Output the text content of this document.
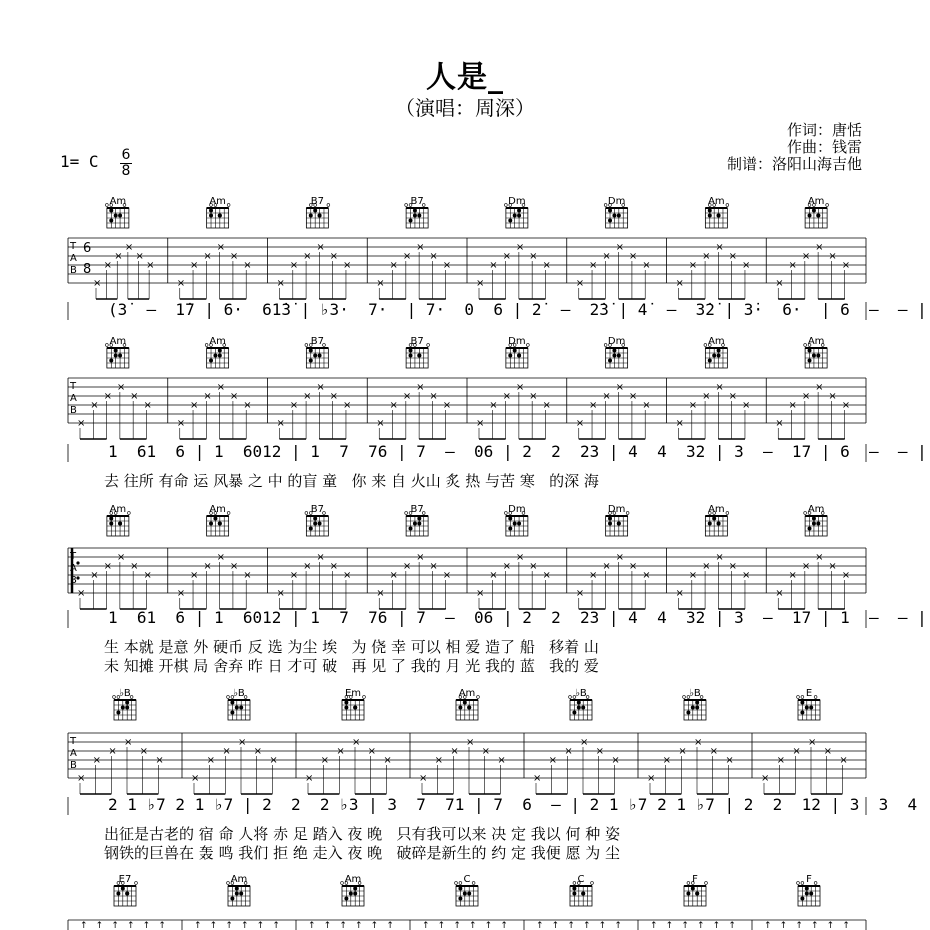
人是_
（演唱：周深）
作词：唐恬
作曲：钱雷
制谱：洛阳山海吉他
1= C 6
8
6
8
T
A
B
×
×
×
×
×
×
×
×
×
×
×
×
×
×
×
×
×
×
×
×
×
×
×
×
×
×
×
×
×
×
×
×
×
×
×
×
×
×
×
×
×
×
×
×
×
×
×
×
T
A
B
×
×
×
×
×
×
×
×
×
×
×
×
×
×
×
×
×
×
×
×
×
×
×
×
×
×
×
×
×
×
×
×
×
×
×
×
×
×
×
×
×
×
×
×
×
×
×
×
T
A
B
×
×
×
×
×
×
×
×
×
×
×
×
×
×
×
×
×
×
×
×
×
×
×
×
×
×
×
×
×
×
×
×
×
×
×
×
×
×
×
×
×
×
×
×
×
×
×
×
T
A
B
×
×
×
×
×
×
×
×
×
×
×
×
×
×
×
×
×
×
×
×
×
×
×
×
×
×
×
×
×
×
×
×
×
×
×
×
×
×
×
×
×
×
↑ ↑ ↑ ↑ ↑ ↑	↑ ↑ ↑ ↑ ↑ ↑	↑ ↑ ↑ ↑ ↑ ↑	↑ ↑ ↑ ↑ ↑ ↑	↑ ↑ ↑ ↑ ↑ ↑	↑ ↑ ↑ ↑ ↑ ↑	↑ ↑ ↑ ↑ ↑ ↑
Am	Am	B7	B7	Dm	Dm	Am	Am
Am	Am	B7	B7	Dm	Dm	Am	Am
Am	Am	B7	B7	Dm	Dm	Am	Am
♭B	♭B	Em	Am	♭B	♭B	E
E7	Am	Am	C	C	F	F
(3̇  –  1̇7 | 6·  61̇3̇ | ♭3·  7·  | 7·  0  6 | 2̇  –  2̇3̇ | 4̇  –  3̇2̇ | 3̇·  6·  | 6  –  – |
1  61  6 | 1  6012 | 1  7  76 | 7  –  06 | 2  2  23 | 4  4  32 | 3  –  17 | 6  –  – |
去 往所 有命 运 风暴 之 中 的盲 童   你 来 自 火山 炙 热 与苦 寒   的深 海
1  61  6 | 1  6012 | 1  7  76 | 7  –  06 | 2  2  23 | 4  4  32 | 3  –  17 | 1  –  – |
生 本就 是意 外 硬币 反 选 为尘 埃   为 侥 幸 可以 相 爱 造了 船   移着 山
未 知摊 开棋 局 舍弃 昨 日 才可 破   再 见 了 我的 月 光 我的 蓝   我的 爱
2 1 ♭7 2 1 ♭7 | 2  2  2 ♭3 | 3  7  71 | 7  6  – | 2 1 ♭7 2 1 ♭7 | 2  2  12 | 3  3  4
出征是古老的 宿 命 人将 赤 足 踏入 夜 晚   只有我可以来 决 定 我以 何 种 姿
钢铁的巨兽在 轰 鸣 我们 拒 绝 走入 夜 晚   破碎是新生的 约 定 我便 愿 为 尘
